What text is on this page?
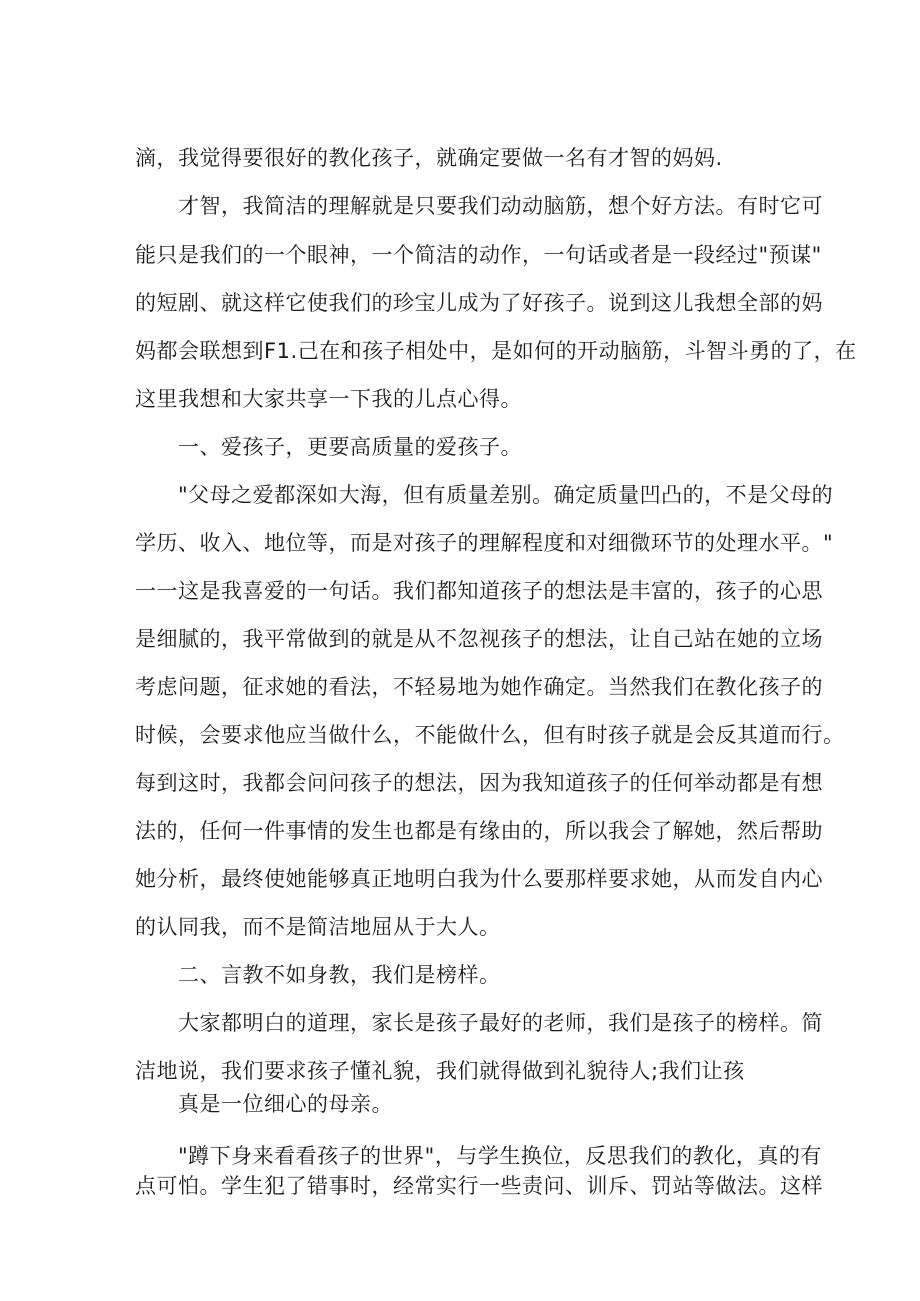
滴，我觉得要很好的教化孩子，就确定要做一名有才智的妈妈.

才智，我简洁的理解就是只要我们动动脑筋，想个好方法。有时它可

能只是我们的一个眼神，一个简洁的动作，一句话或者是一段经过"预谋"

的短剧、就这样它使我们的珍宝儿成为了好孩子。说到这儿我想全部的妈

妈都会联想到F1.己在和孩子相处中，是如何的开动脑筋，斗智斗勇的了，在

这里我想和大家共享一下我的儿点心得。

一、爱孩子，更要高质量的爱孩子。

"父母之爱都深如大海，但有质量差别。确定质量凹凸的，不是父母的

学历、收入、地位等，而是对孩子的理解程度和对细微环节的处理水平。"

一一这是我喜爱的一句话。我们都知道孩子的想法是丰富的，孩子的心思

是细腻的，我平常做到的就是从不忽视孩子的想法，让自己站在她的立场

考虑问题，征求她的看法，不轻易地为她作确定。当然我们在教化孩子的

时候，会要求他应当做什么，不能做什么，但有时孩子就是会反其道而行。

每到这时，我都会问问孩子的想法，因为我知道孩子的任何举动都是有想

法的，任何一件事情的发生也都是有缘由的，所以我会了解她，然后帮助

她分析，最终使她能够真正地明白我为什么要那样要求她，从而发自内心

的认同我，而不是简洁地屈从于大人。

二、言教不如身教，我们是榜样。

大家都明白的道理，家长是孩子最好的老师，我们是孩子的榜样。简

洁地说，我们要求孩子懂礼貌，我们就得做到礼貌待人;我们让孩

真是一位细心的母亲。

"蹲下身来看看孩子的世界"，与学生换位，反思我们的教化，真的有

点可怕。学生犯了错事时，经常实行一些责问、训斥、罚站等做法。这样
